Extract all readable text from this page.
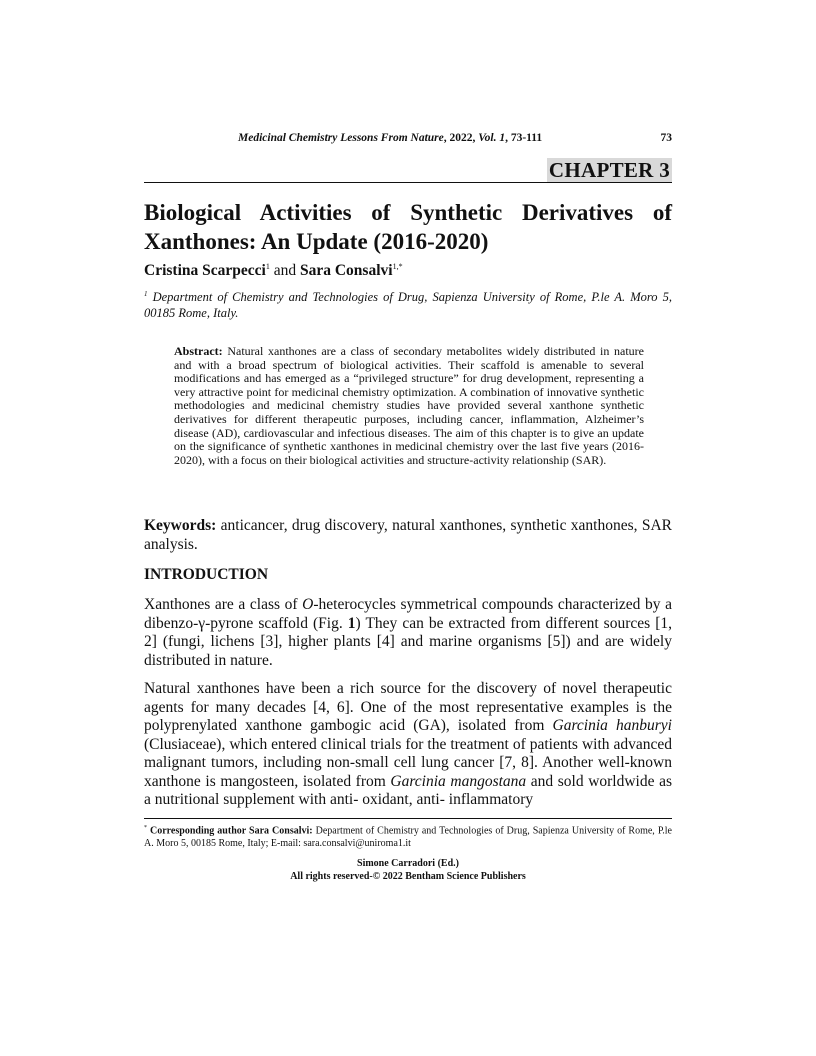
Medicinal Chemistry Lessons From Nature, 2022, Vol. 1, 73-111	73
CHAPTER 3
Biological Activities of Synthetic Derivatives of Xanthones: An Update (2016-2020)
Cristina Scarpecci$^1$ and Sara Consalvi$^{1,*}$
$^1$ Department of Chemistry and Technologies of Drug, Sapienza University of Rome, P.le A. Moro 5, 00185 Rome, Italy.
Abstract: Natural xanthones are a class of secondary metabolites widely distributed in nature and with a broad spectrum of biological activities. Their scaffold is amenable to several modifications and has emerged as a “privileged structure” for drug development, representing a very attractive point for medicinal chemistry optimization. A combination of innovative synthetic methodologies and medicinal chemistry studies have provided several xanthone synthetic derivatives for different therapeutic purposes, including cancer, inflammation, Alzheimer’s disease (AD), cardiovascular and infectious diseases. The aim of this chapter is to give an update on the significance of synthetic xanthones in medicinal chemistry over the last five years (2016-2020), with a focus on their biological activities and structure-activity relationship (SAR).
Keywords: anticancer, drug discovery, natural xanthones, synthetic xanthones, SAR analysis.
INTRODUCTION
Xanthones are a class of O-heterocycles symmetrical compounds characterized by a dibenzo-γ-pyrone scaffold (Fig. 1) They can be extracted from different sources [1, 2] (fungi, lichens [3], higher plants [4] and marine organisms [5]) and are widely distributed in nature.
Natural xanthones have been a rich source for the discovery of novel therapeutic agents for many decades [4, 6]. One of the most representative examples is the polyprenylated xanthone gambogic acid (GA), isolated from Garcinia hanburyi (Clusiaceae), which entered clinical trials for the treatment of patients with advanced malignant tumors, including non-small cell lung cancer [7, 8]. Another well-known xanthone is mangosteen, isolated from Garcinia mangostana and sold worldwide as a nutritional supplement with anti- oxidant, anti- inflammatory
* Corresponding author Sara Consalvi: Department of Chemistry and Technologies of Drug, Sapienza University of Rome, P.le A. Moro 5, 00185 Rome, Italy; E-mail: sara.consalvi@uniroma1.it
Simone Carradori (Ed.)
All rights reserved-© 2022 Bentham Science Publishers
